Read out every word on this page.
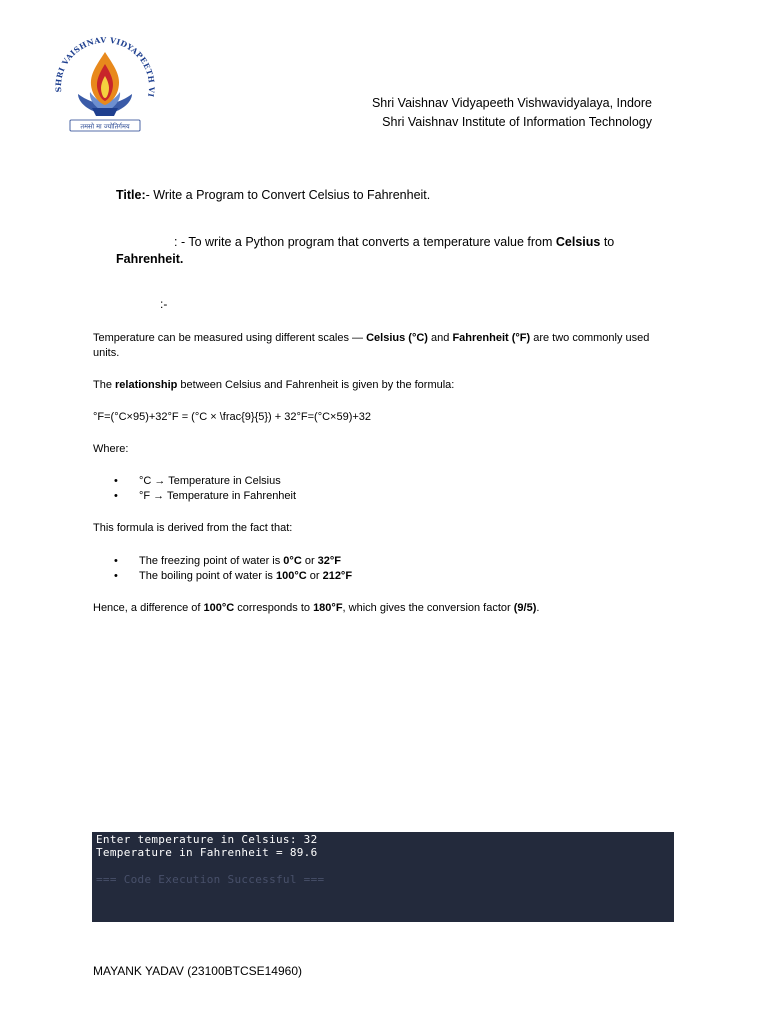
SHRI VAISHNAV VIDYAPEETH VI
तमसो मा ज्योतिर्गमय
Shri Vaishnav Vidyapeeth Vishwavidyalaya, Indore
Shri Vaishnav Institute of Information Technology
Title:- Write a Program to Convert Celsius to Fahrenheit.
: - To write a Python program that converts a temperature value from Celsius to Fahrenheit.
:-
Temperature can be measured using different scales — Celsius (°C) and Fahrenheit (°F) are two commonly used units.
The relationship between Celsius and Fahrenheit is given by the formula:
°F=(°C×95)+32°F = (°C × \frac{9}{5}) + 32°F=(°C×59)+32
Where:
• °C → Temperature in Celsius
• °F → Temperature in Fahrenheit
This formula is derived from the fact that:
• The freezing point of water is 0°C or 32°F
• The boiling point of water is 100°C or 212°F
Hence, a difference of 100°C corresponds to 180°F, which gives the conversion factor (9/5).
Enter temperature in Celsius: 32
Temperature in Fahrenheit = 89.6
=== Code Execution Successful ===
MAYANK YADAV (23100BTCSE14960)
